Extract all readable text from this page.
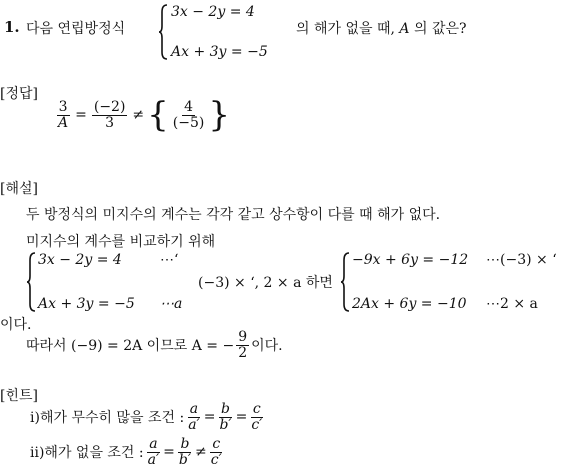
1. 다음 연립방정식
3x − 2y = 4
Ax + 3y = −5
의 해가 없을 때, A 의 값은?
[정답]
$\frac{3}{A} = \frac{(-2)}{3}$ ≠ { $\frac{4}{(-5)}$ }
[해설]
두 방정식의 미지수의 계수는 각각 같고 상수항이 다를 때 해가 없다.
미지수의 계수를 비교하기 위해
3x − 2y = 4	⋯‘
Ax + 3y = −5	⋯a
(−3) × ‘, 2 × a 하면
−9x + 6y = −12	⋯(−3) × ‘
2Ax + 6y = −10	⋯2 × a
이다.
따라서 (−9) = 2A 이므로 A = − $\frac{9}{2}$ 이다.
[힌트]
ⅰ)해가 무수히 많을 조건 : $\frac{a}{a'} = \frac{b}{b'} = \frac{c}{c'}$
ⅱ)해가 없을 조건 : $\frac{a}{a'} = \frac{b}{b'} \ne \frac{c}{c'}$
